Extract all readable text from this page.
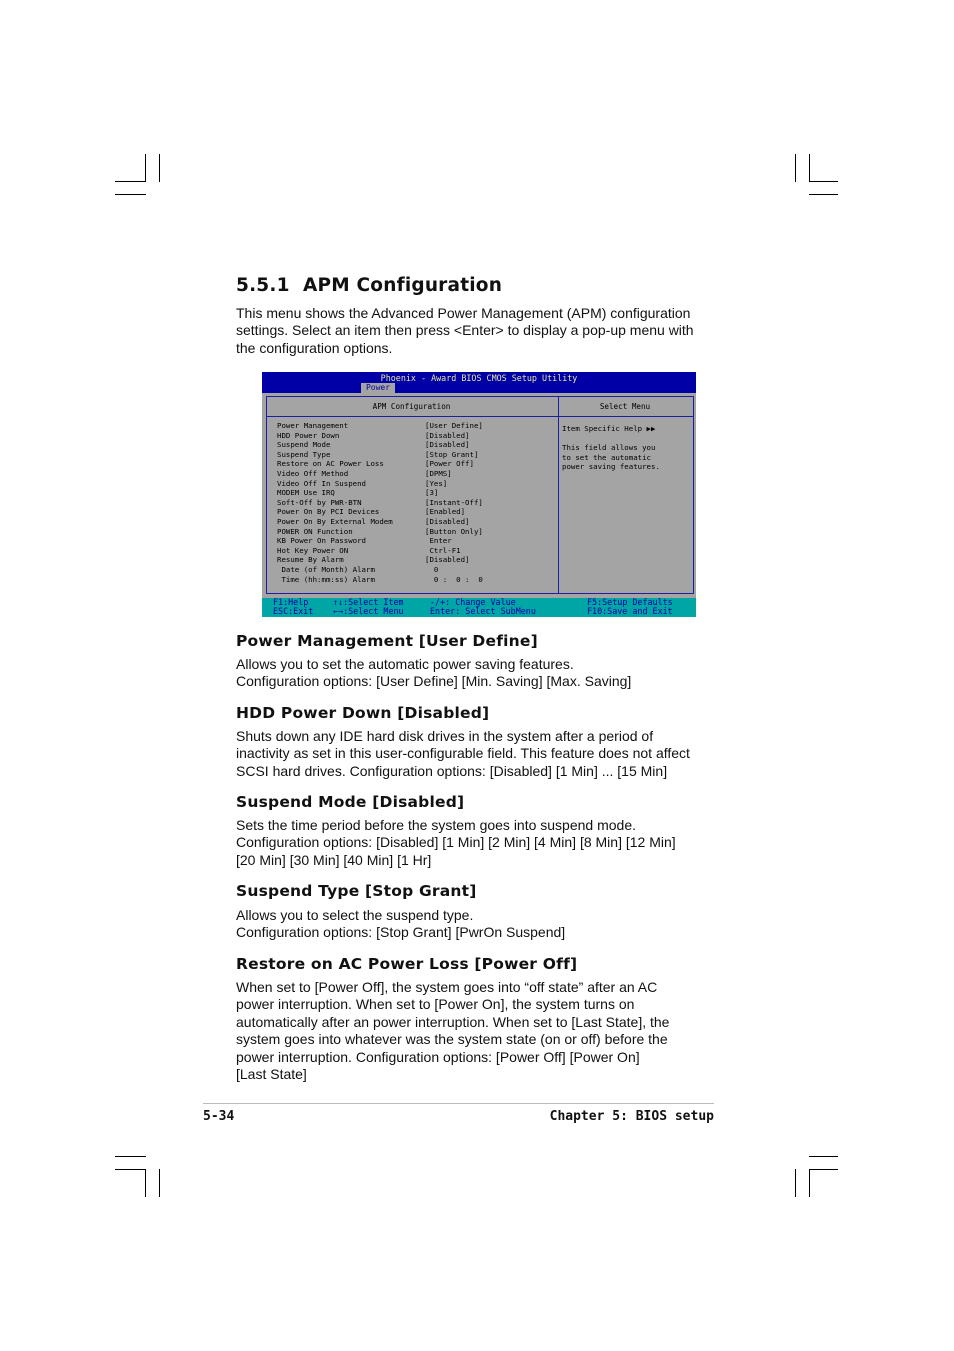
5.5.1 APM Configuration
This menu shows the Advanced Power Management (APM) configuration
settings. Select an item then press <Enter> to display a pop-up menu with
the configuration options.
Phoenix - Award BIOS CMOS Setup Utility
Power
APM Configuration	Select Menu
Power Management	[User Define]
HDD Power Down	[Disabled]
Suspend Mode	[Disabled]
Suspend Type	[Stop Grant]
Restore on AC Power Loss	[Power Off]
Video Off Method	[DPMS]
Video Off In Suspend	[Yes]
MODEM Use IRQ	[3]
Soft-Off by PWR-BTN	[Instant-Off]
Power On By PCI Devices	[Enabled]
Power On By External Modem	[Disabled]
POWER ON Function	[Button Only]
KB Power On Password	Enter
Hot Key Power ON	Ctrl-F1
Resume By Alarm	[Disabled]
Date (of Month) Alarm	0
Time (hh:mm:ss) Alarm	0 :  0 :  0
Item Specific Help ▶▶
This field allows you
to set the automatic
power saving features.
F1:Help
ESC:Exit
↑↓:Select Item
←→:Select Menu
-/+: Change Value
Enter: Select SubMenu
F5:Setup Defaults
F10:Save and Exit
Power Management [User Define]
Allows you to set the automatic power saving features.
Configuration options: [User Define] [Min. Saving] [Max. Saving]
HDD Power Down [Disabled]
Shuts down any IDE hard disk drives in the system after a period of
inactivity as set in this user-configurable field. This feature does not affect
SCSI hard drives. Configuration options: [Disabled] [1 Min] ... [15 Min]
Suspend Mode [Disabled]
Sets the time period before the system goes into suspend mode.
Configuration options: [Disabled] [1 Min] [2 Min] [4 Min] [8 Min] [12 Min]
[20 Min] [30 Min] [40 Min] [1 Hr]
Suspend Type [Stop Grant]
Allows you to select the suspend type.
Configuration options: [Stop Grant] [PwrOn Suspend]
Restore on AC Power Loss [Power Off]
When set to [Power Off], the system goes into “off state” after an AC
power interruption. When set to [Power On], the system turns on
automatically after an power interruption. When set to [Last State], the
system goes into whatever was the system state (on or off) before the
power interruption. Configuration options: [Power Off] [Power On]
[Last State]
5-34	Chapter 5: BIOS setup
